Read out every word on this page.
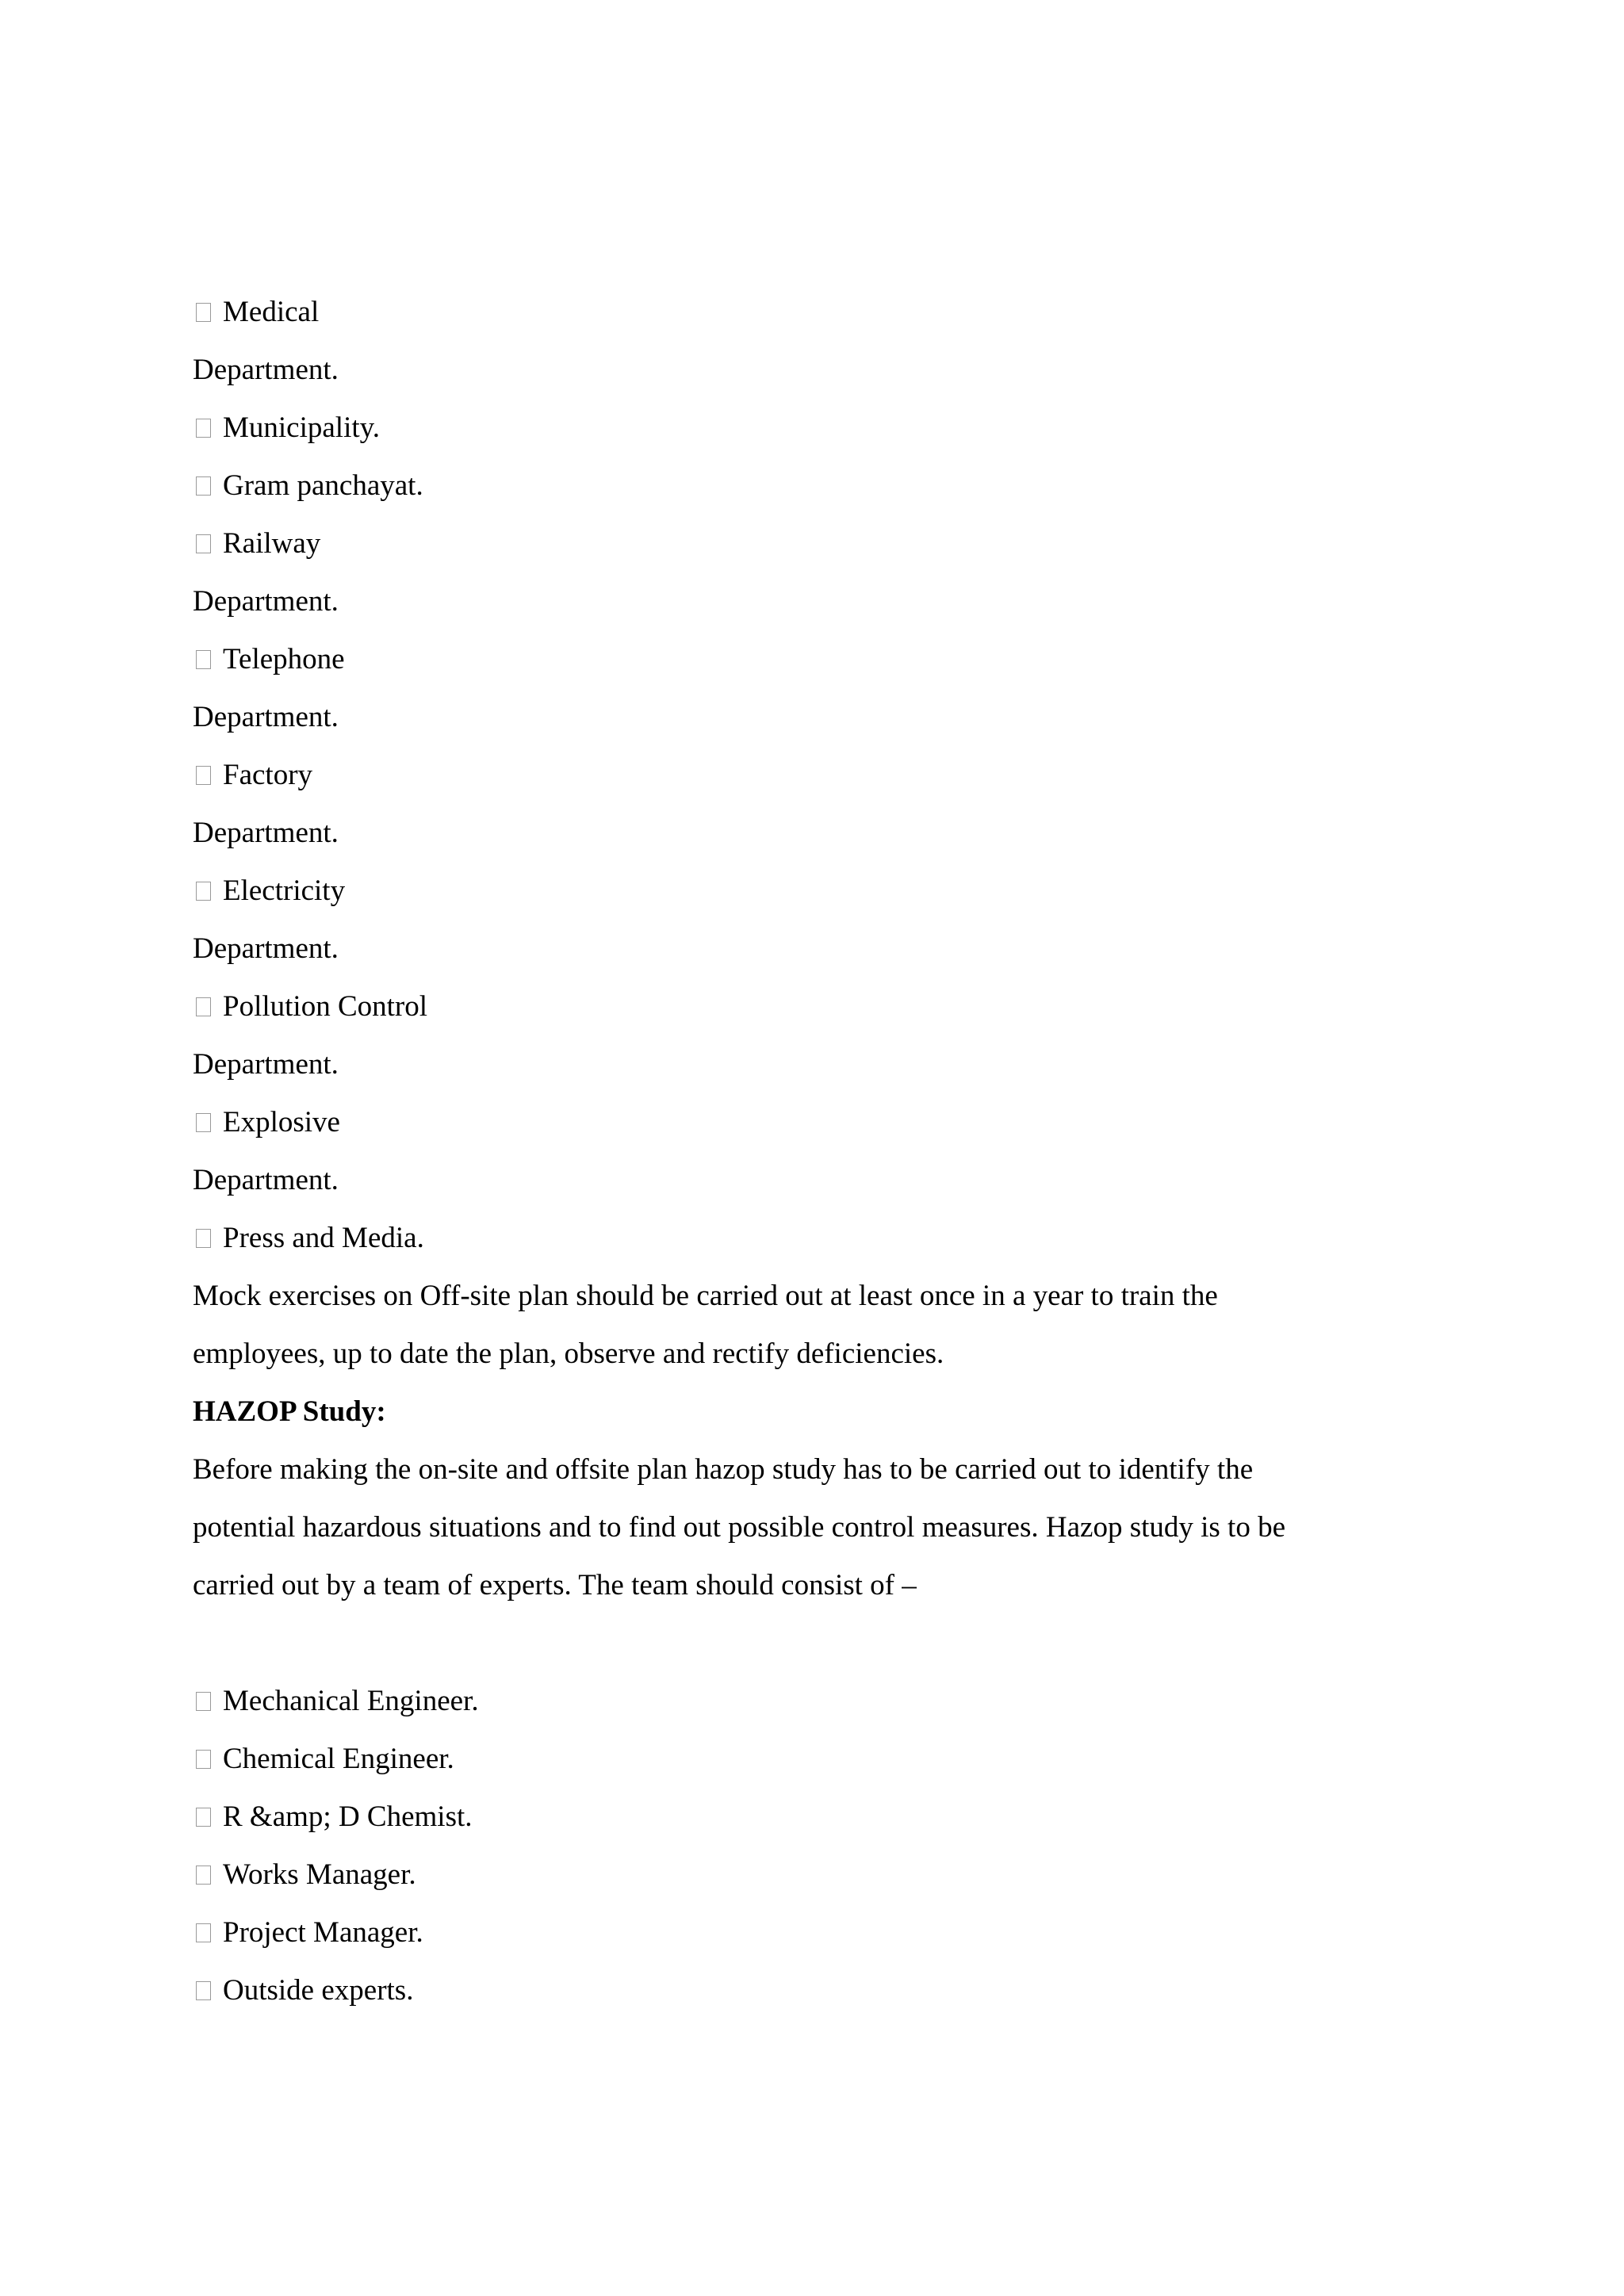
Medical
Department.
Municipality.
Gram panchayat.
Railway
Department.
Telephone
Department.
Factory
Department.
Electricity
Department.
Pollution Control
Department.
Explosive
Department.
Press and Media.
Mock exercises on Off-site plan should be carried out at least once in a year to train the
employees, up to date the plan, observe and rectify deficiencies.
HAZOP Study:
Before making the on-site and offsite plan hazop study has to be carried out to identify the
potential hazardous situations and to find out possible control measures. Hazop study is to be
carried out by a team of experts. The team should consist of –
Mechanical Engineer.
Chemical Engineer.
R &amp; D Chemist.
Works Manager.
Project Manager.
Outside experts.
